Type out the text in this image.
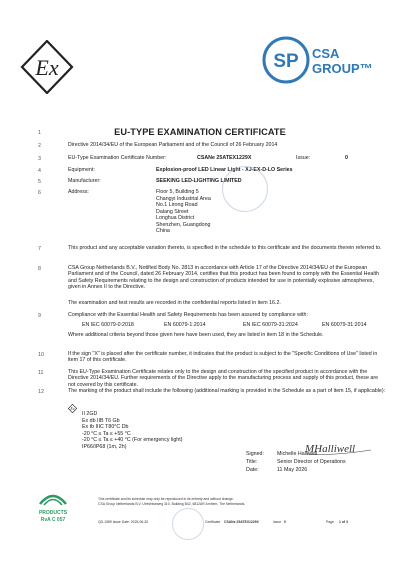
Ex	SP CSA
GROUP™
EU-TYPE EXAMINATION CERTIFICATE
1
2	Directive 2014/34/EU of the European Parliament and of the Council of 26 February 2014
3	EU-Type Examination Certificate Number:	CSANe 25ATEX1229X	Issue:	0
4	Equipment:	Explosion-proof LED Linear Light - XJ-EX-D-LO Series
5	Manufacturer:	SEEKING LED-LIGHTING LIMITED
6	Address:	Floor 5, Building 5
Changyi Industrial Area
No.1 Lirong Road
Dalang Street
Longhua District
Shenzhen, Guangdong
China
7	This product and any acceptable variation thereto, is specified in the schedule to this certificate and the documents therein referred to.
8	CSA Group Netherlands B.V., Notified Body No. 2813 in accordance with Article 17 of the Directive 2014/34/EU of the European Parliament and of the Council, dated 26 February 2014, certifies that this product has been found to comply with the Essential Health and Safety Requirements relating to the design and construction of products intended for use in potentially explosive atmospheres, given in Annex II to the Directive.
The examination and test results are recorded in the confidential reports listed in item 16.2.
9	Compliance with the Essential Health and Safety Requirements has been assured by compliance with:
EN IEC 60079-0:2018	EN 60079-1:2014	EN IEC 60079-31:2024	EN 60079-31:2014
Where additional criteria beyond those given here have been used, they are listed in item 18 in the Schedule.
10	If the sign "X" is placed after the certificate number, it indicates that the product is subject to the "Specific Conditions of Use" listed in item 17 of this certificate.
11	This EU-Type Examination Certificate relates only to the design and construction of the specified product in accordance with the Directive 2014/34/EU. Further requirements of the Directive apply to the manufacturing process and supply of this product, these are not covered by this certificate.
12	The marking of the product shall include the following (additional marking is provided in the Schedule as a part of item 15, if applicable):
Ex
II 2GD
Ex db IIB T6 Gb
Ex tb IIIC T80°C Db
-20 °C ≤ Ta ≤ +55 °C
-20 °C ≤ Ta ≤ +40 °C (For emergency light)
IP66/IP68 (1m, 2h)	MHalliwell
Signed: Michelle Halliwell
Title:	Senior Director of Operations
Date:	11 May 2026
PRODUCTS
RvA C 057
This certificate and its schedule may only be reproduced in its entirety and without change.
CSA Group Netherlands B.V. Utrechtseweg 310, Building B42, 6812AR Arnhem, The Netherlands.
QD-1589 Issue Date: 2025-06-30	Certificate CSANe 25ATEX1229X	Issue 0	Page 1 of 3
